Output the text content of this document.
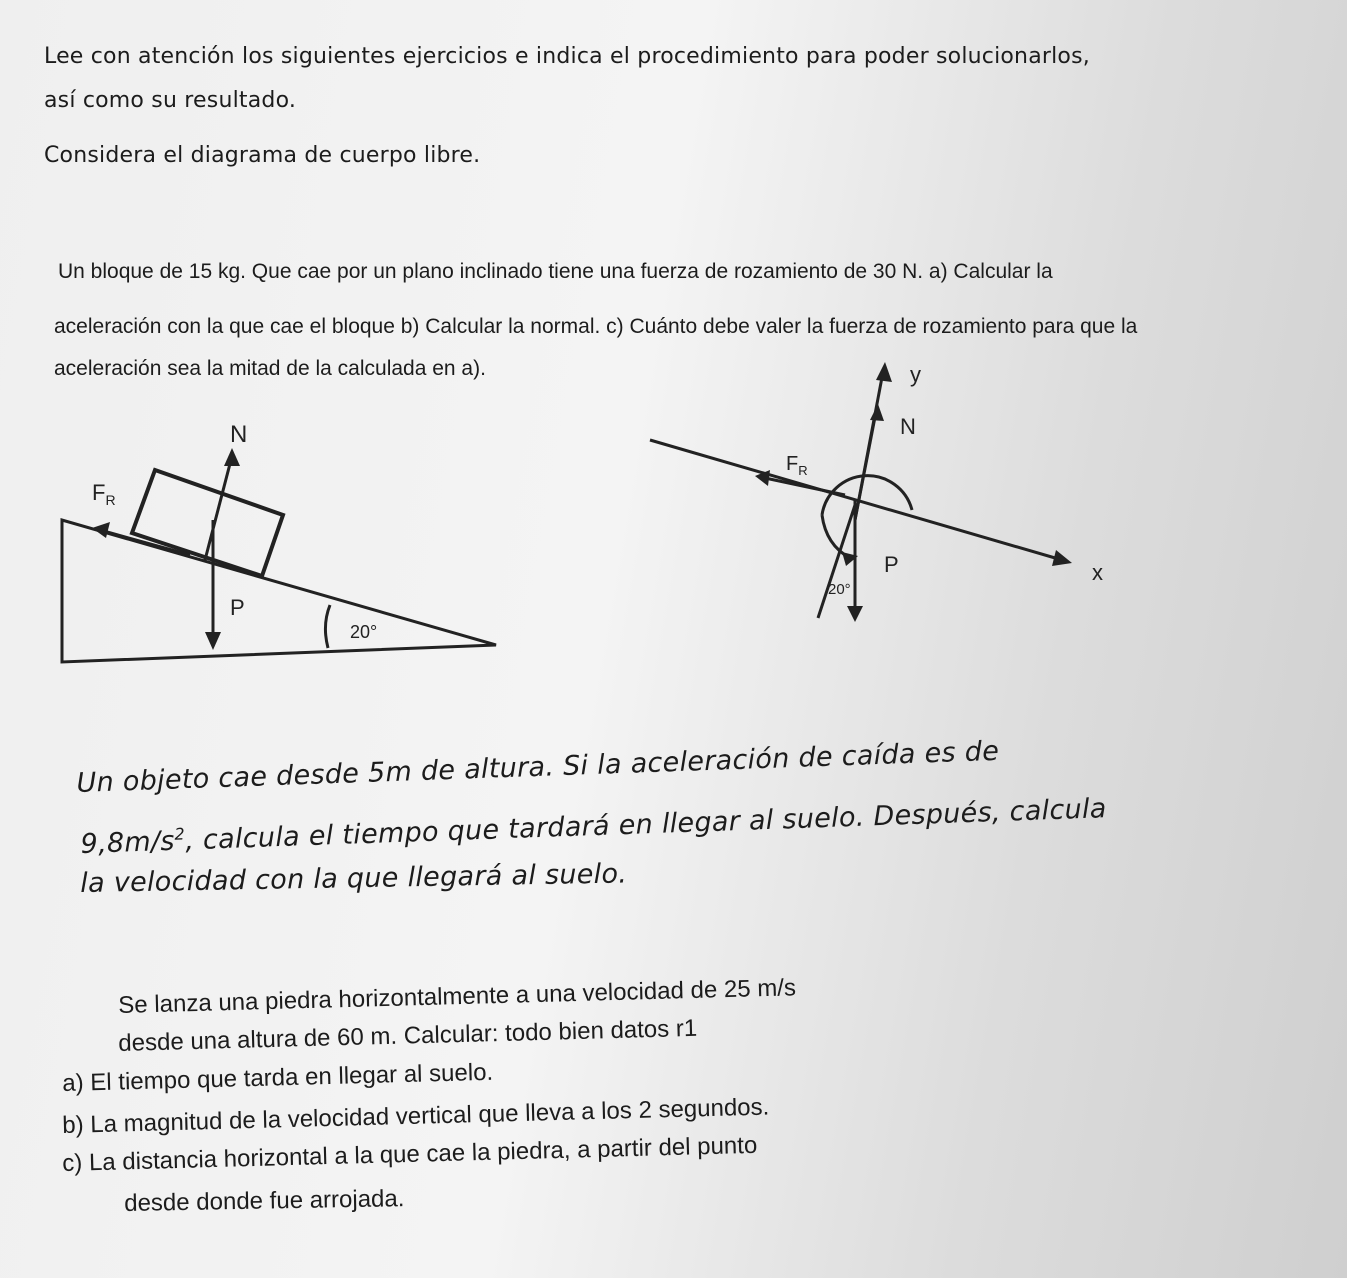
Lee con atención los siguientes ejercicios e indica el procedimiento para poder solucionarlos,

así como su resultado.

Considera el diagrama de cuerpo libre.

Un bloque de 15 kg. Que cae por un plano inclinado tiene una fuerza de rozamiento de 30 N. a) Calcular la

aceleración con la que cae el bloque b) Calcular la normal. c) Cuánto debe valer la fuerza de rozamiento para que la

aceleración sea la mitad de la calculada en a).

N
$F_R$
P
20°
y
x
N
$F_R$
P
20°

Un objeto cae desde 5m de altura. Si la aceleración de caída es de

$9,8m/s^2$, calcula el tiempo que tardará en llegar al suelo. Después, calcula

la velocidad con la que llegará al suelo.

Se lanza una piedra horizontalmente a una velocidad de 25 m/s

desde una altura de 60 m. Calcular: todo bien datos r1

a) El tiempo que tarda en llegar al suelo.

b) La magnitud de la velocidad vertical que lleva a los 2 segundos.

c) La distancia horizontal a la que cae la piedra, a partir del punto

desde donde fue arrojada.
